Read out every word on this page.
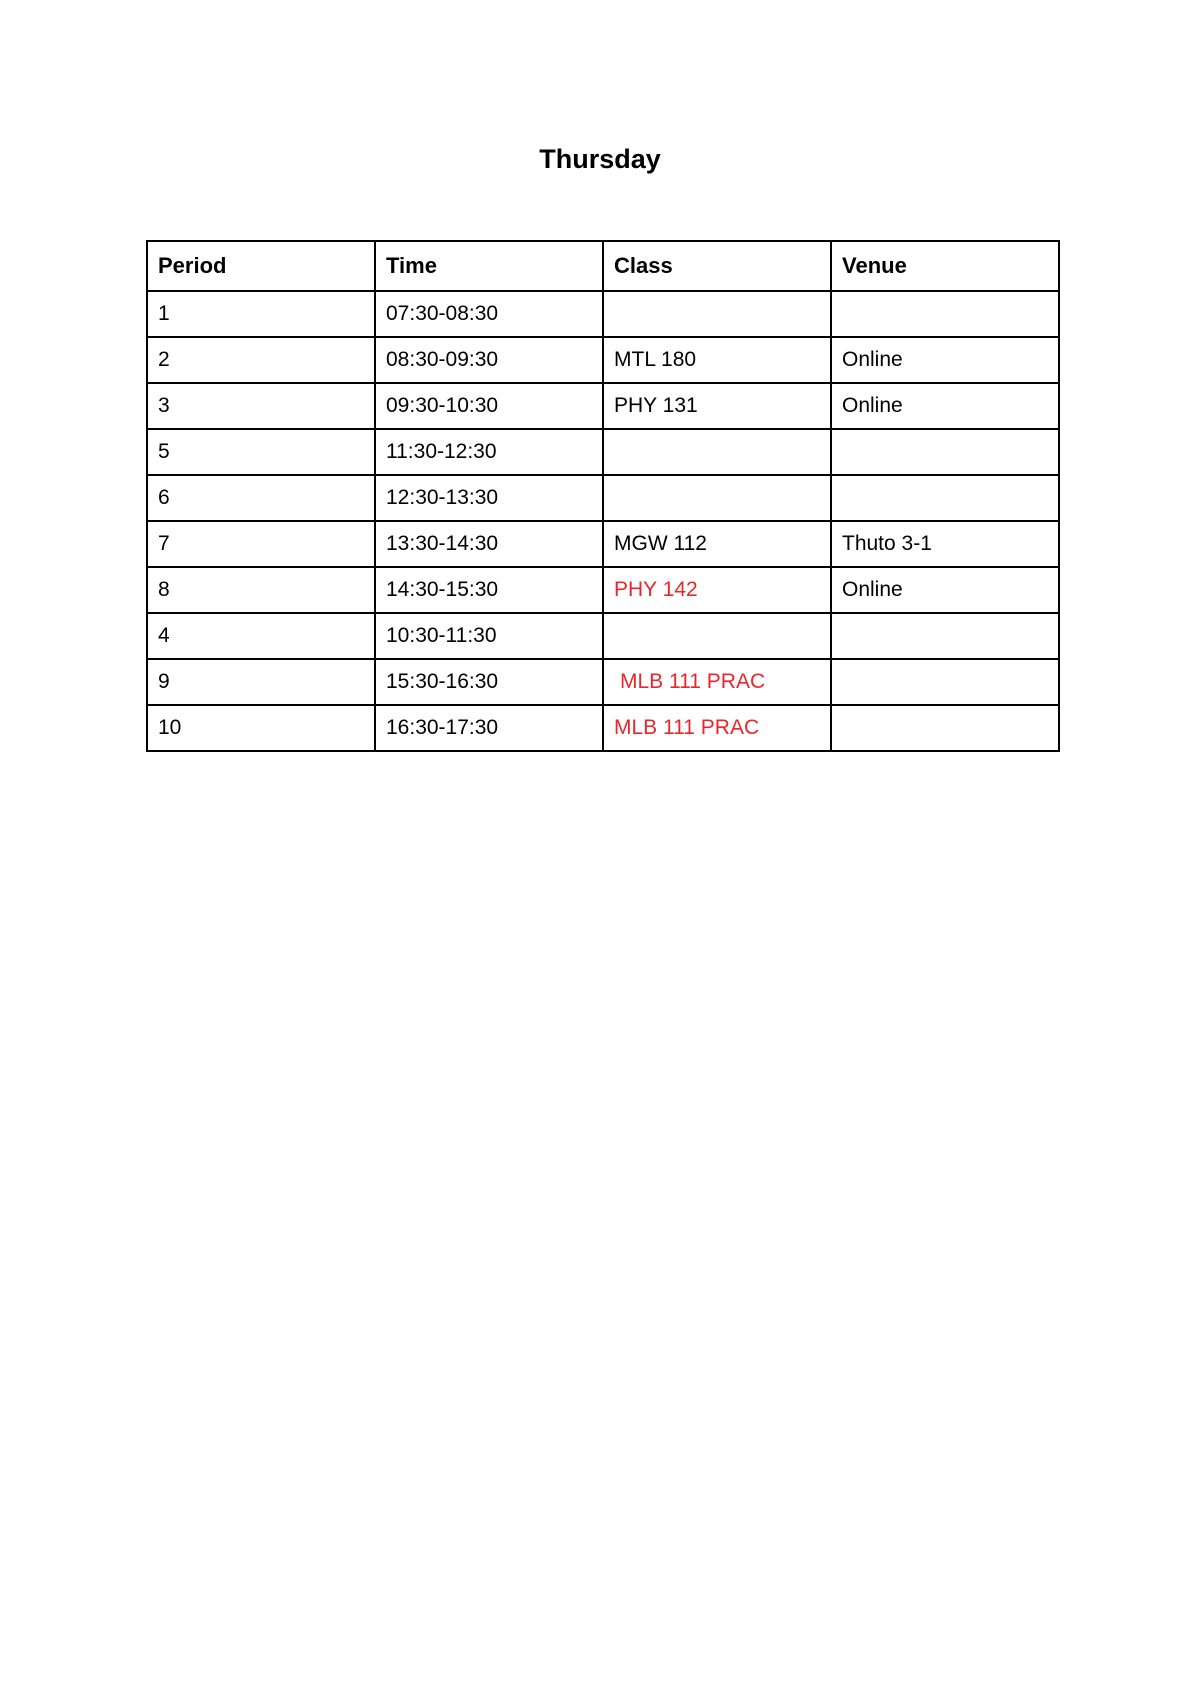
Thursday
Period	Time	Class	Venue
1	07:30-08:30		
2	08:30-09:30	MTL 180	Online
3	09:30-10:30	PHY 131	Online
5	11:30-12:30		
6	12:30-13:30		
7	13:30-14:30	MGW 112	Thuto 3-1
8	14:30-15:30	PHY 142	Online
4	10:30-11:30		
9	15:30-16:30	MLB 111 PRAC	
10	16:30-17:30	MLB 111 PRAC	
